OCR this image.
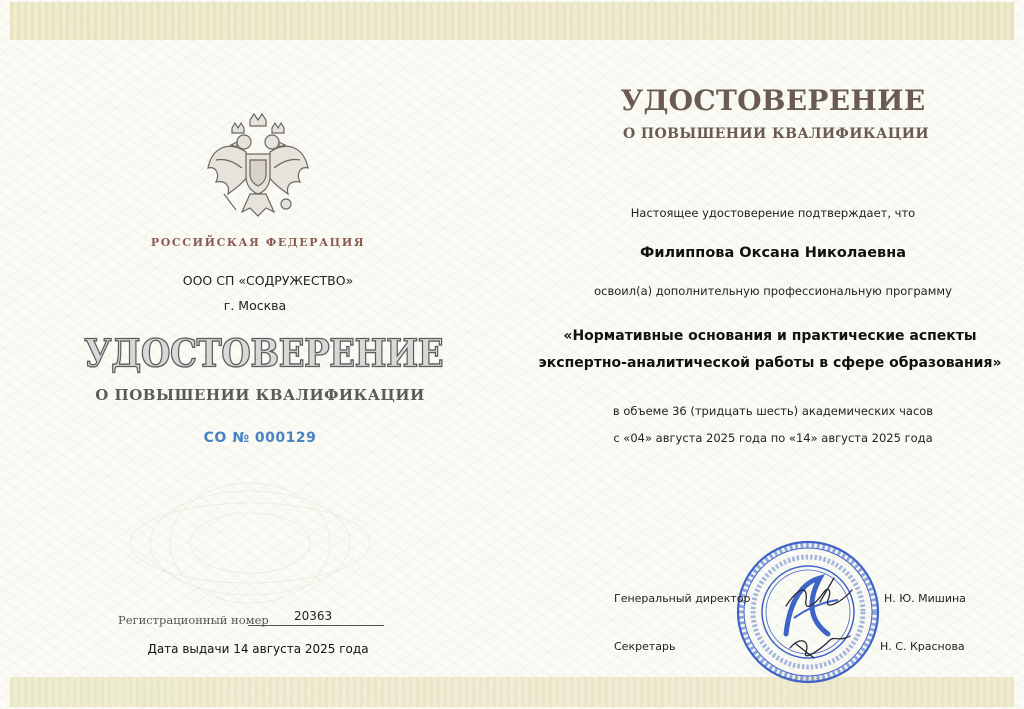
РОССИЙСКАЯ ФЕДЕРАЦИЯ
ООО СП «СОДРУЖЕСТВО»
г. Москва
УДОСТОВЕРЕНИЕ
О ПОВЫШЕНИИ КВАЛИФИКАЦИИ
СО № 000129
Регистрационный номер 20363
Дата выдачи 14 августа 2025 года
УДОСТОВЕРЕНИЕ
О ПОВЫШЕНИИ КВАЛИФИКАЦИИ
Настоящее удостоверение подтверждает, что
Филиппова Оксана Николаевна
освоил(а) дополнительную профессиональную программу
«Нормативные основания и практические аспекты
экспертно-аналитической работы в сфере образования»
в объеме 36 (тридцать шесть) академических часов
с «04» августа 2025 года по «14» августа 2025 года
Генеральный директор	Н. Ю. Мишина
Секретарь	Н. С. Краснова
